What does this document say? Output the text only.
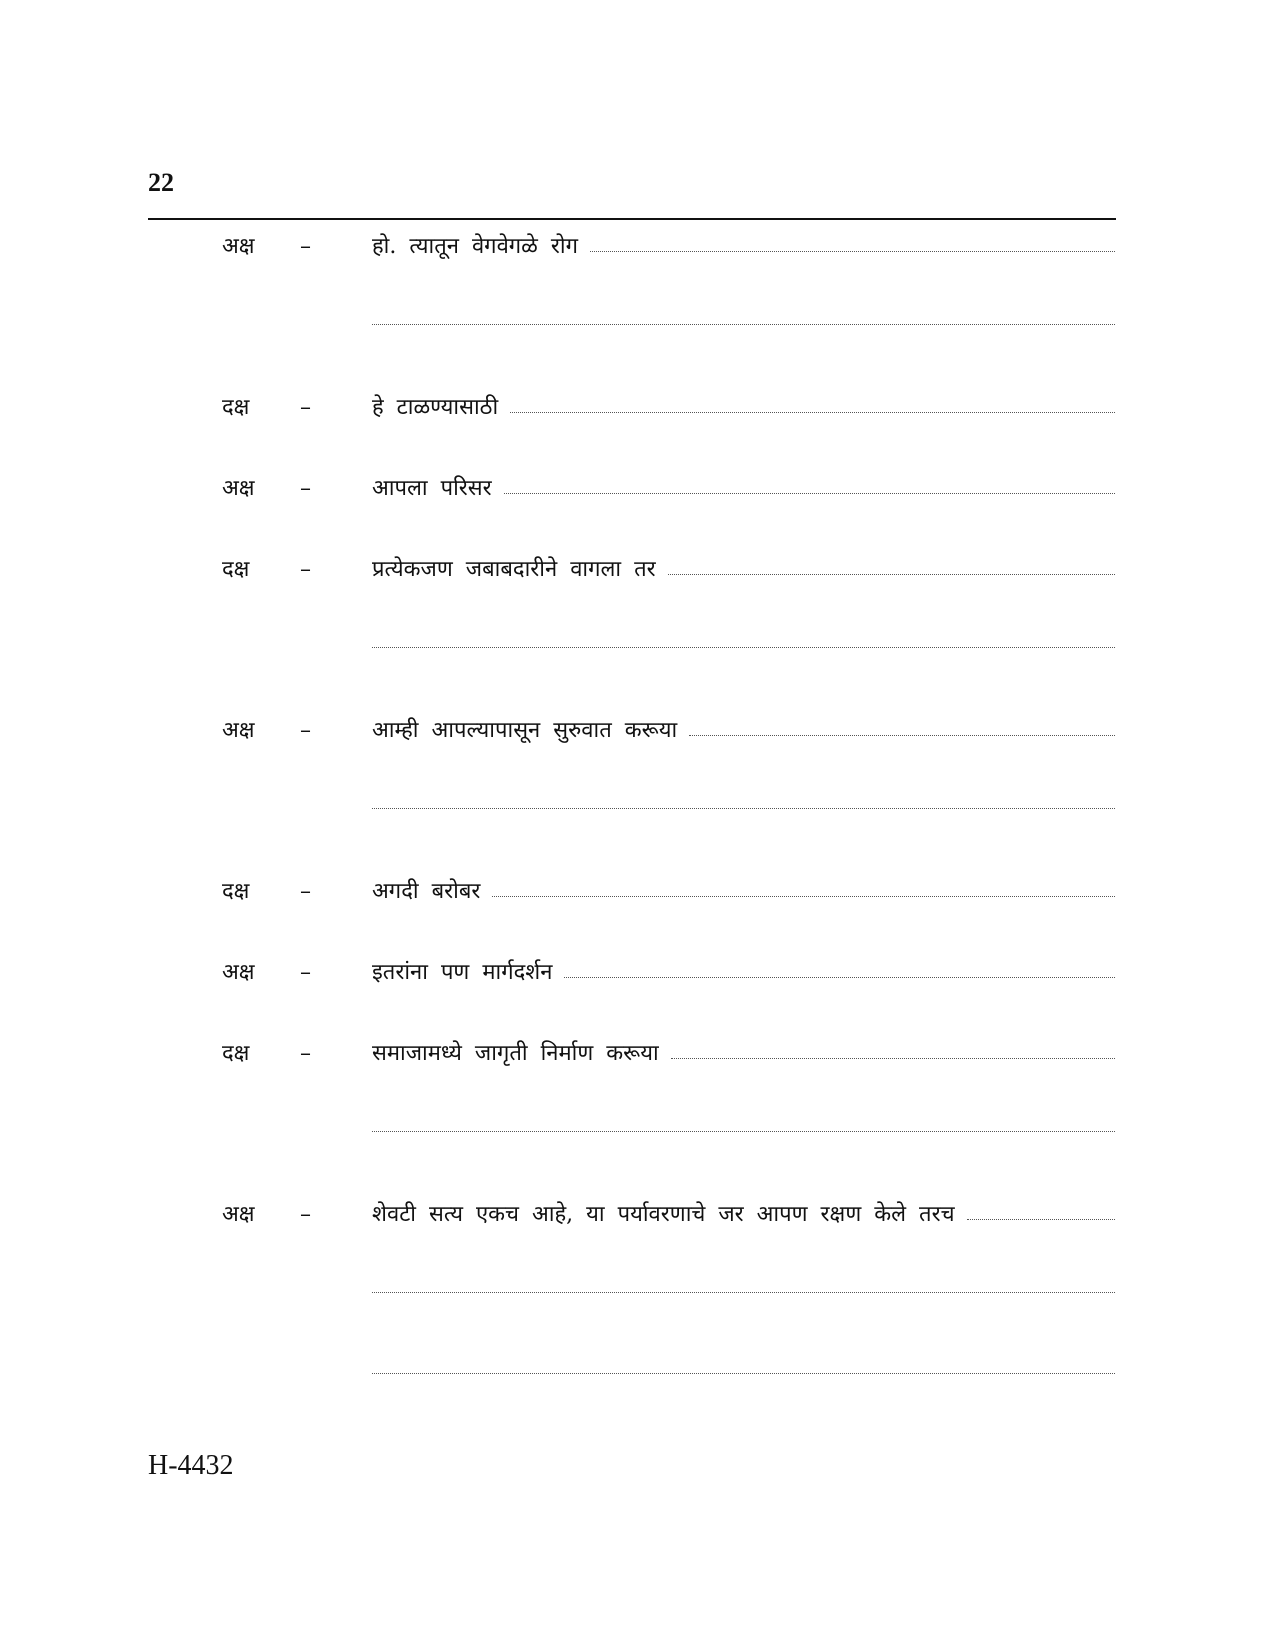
22
अक्ष –	हो. त्यातून वेगवेगळे रोग
दक्ष –	हे टाळण्यासाठी
अक्ष –	आपला परिसर
दक्ष –	प्रत्येकजण जबाबदारीने वागला तर
अक्ष –	आम्ही आपल्यापासून सुरुवात करूया
दक्ष –	अगदी बरोबर
अक्ष –	इतरांना पण मार्गदर्शन
दक्ष –	समाजामध्ये जागृती निर्माण करूया
अक्ष –	शेवटी सत्य एकच आहे, या पर्यावरणाचे जर आपण रक्षण केले तरच
H-4432
